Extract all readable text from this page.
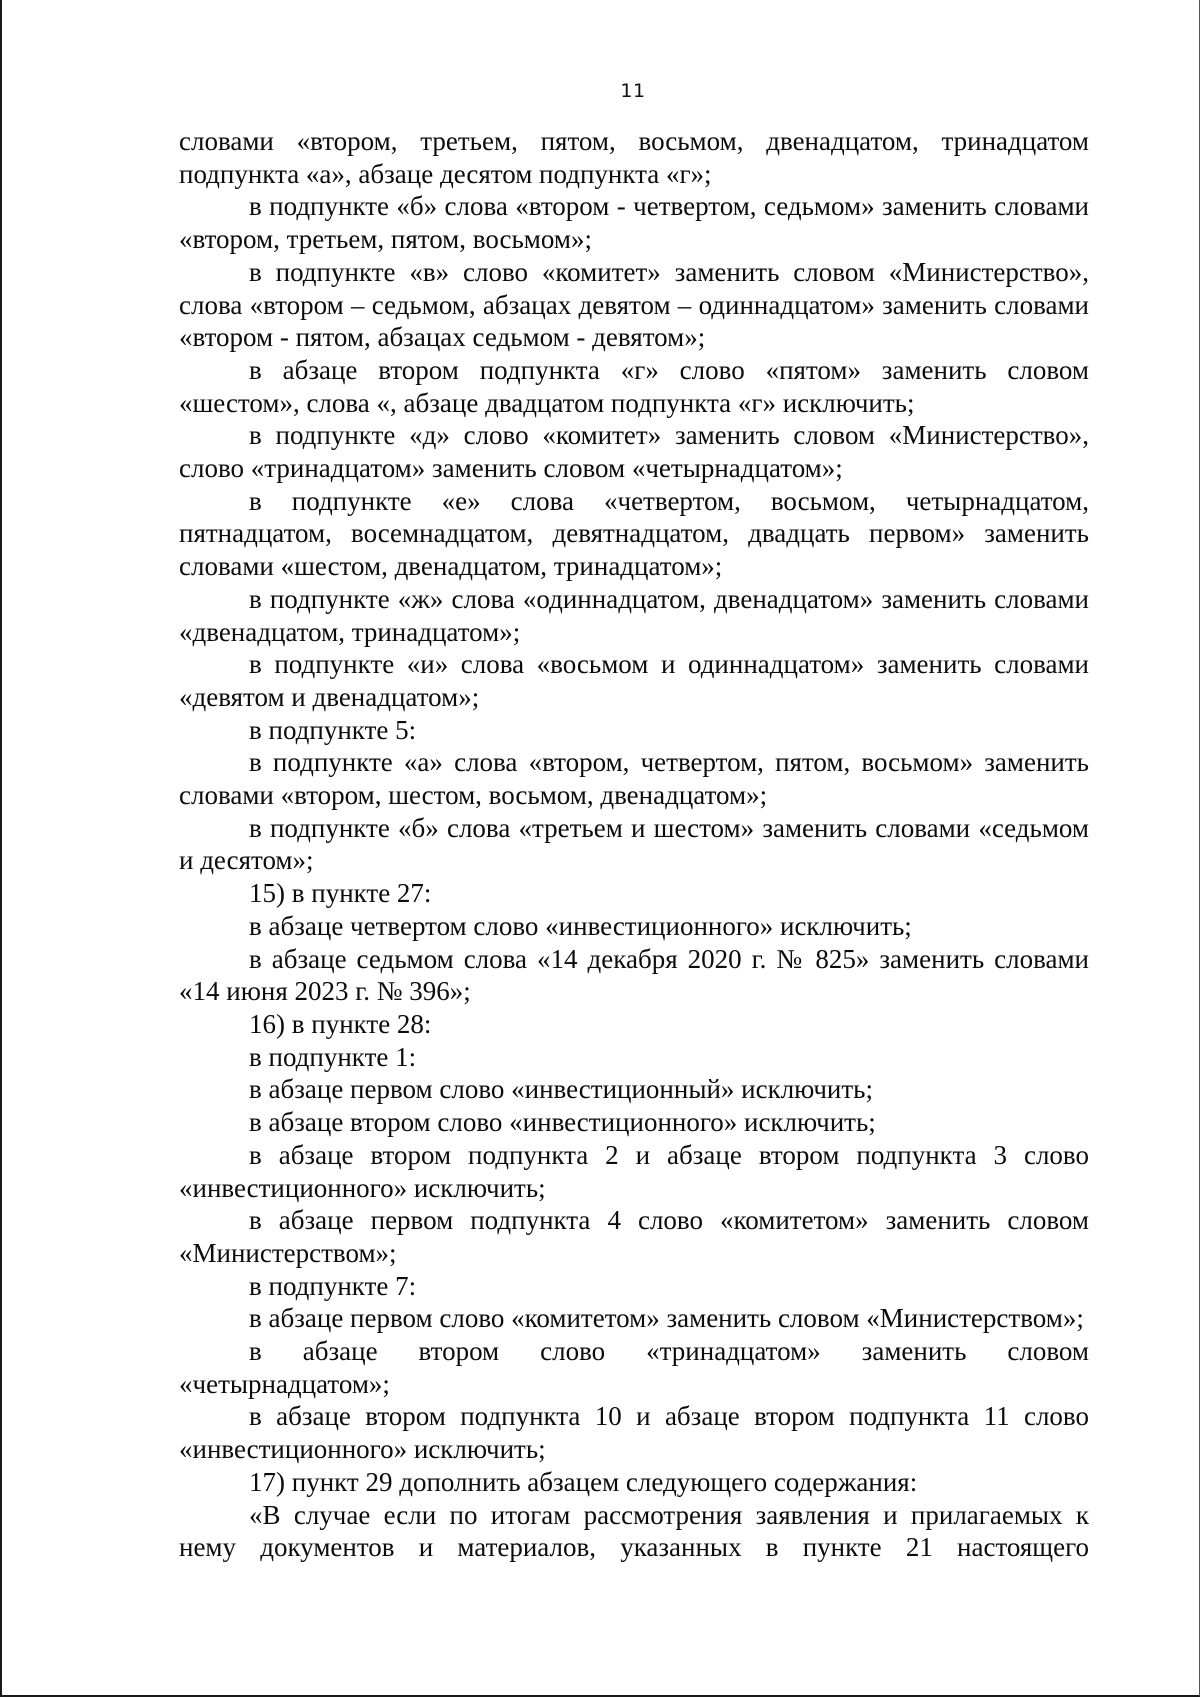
11

словами «втором, третьем, пятом, восьмом, двенадцатом, тринадцатом подпункта «а», абзаце десятом подпункта «г»;

в подпункте «б» слова «втором - четвертом, седьмом» заменить словами «втором, третьем, пятом, восьмом»;

в подпункте «в» слово «комитет» заменить словом «Министерство», слова «втором – седьмом, абзацах девятом – одиннадцатом» заменить словами «втором - пятом, абзацах седьмом - девятом»;

в абзаце втором подпункта «г» слово «пятом» заменить словом «шестом», слова «, абзаце двадцатом подпункта «г» исключить;

в подпункте «д» слово «комитет» заменить словом «Министерство», слово «тринадцатом» заменить словом «четырнадцатом»;

в подпункте «е» слова «четвертом, восьмом, четырнадцатом, пятнадцатом, восемнадцатом, девятнадцатом, двадцать первом» заменить словами «шестом, двенадцатом, тринадцатом»;

в подпункте «ж» слова «одиннадцатом, двенадцатом» заменить словами «двенадцатом, тринадцатом»;

в подпункте «и» слова «восьмом и одиннадцатом» заменить словами «девятом и двенадцатом»;

в подпункте 5:

в подпункте «а» слова «втором, четвертом, пятом, восьмом» заменить словами «втором, шестом, восьмом, двенадцатом»;

в подпункте «б» слова «третьем и шестом» заменить словами «седьмом и десятом»;

15) в пункте 27:

в абзаце четвертом слово «инвестиционного» исключить;

в абзаце седьмом слова «14 декабря 2020 г. № 825» заменить словами «14 июня 2023 г. № 396»;

16) в пункте 28:

в подпункте 1:

в абзаце первом слово «инвестиционный» исключить;

в абзаце втором слово «инвестиционного» исключить;

в абзаце втором подпункта 2 и абзаце втором подпункта 3 слово «инвестиционного» исключить;

в абзаце первом подпункта 4 слово «комитетом» заменить словом «Министерством»;

в подпункте 7:

в абзаце первом слово «комитетом» заменить словом «Министерством»;

в абзаце втором слово «тринадцатом» заменить словом «четырнадцатом»;

в абзаце втором подпункта 10 и абзаце втором подпункта 11 слово «инвестиционного» исключить;

17) пункт 29 дополнить абзацем следующего содержания:

«В случае если по итогам рассмотрения заявления и прилагаемых к нему документов и материалов, указанных в пункте 21 настоящего
